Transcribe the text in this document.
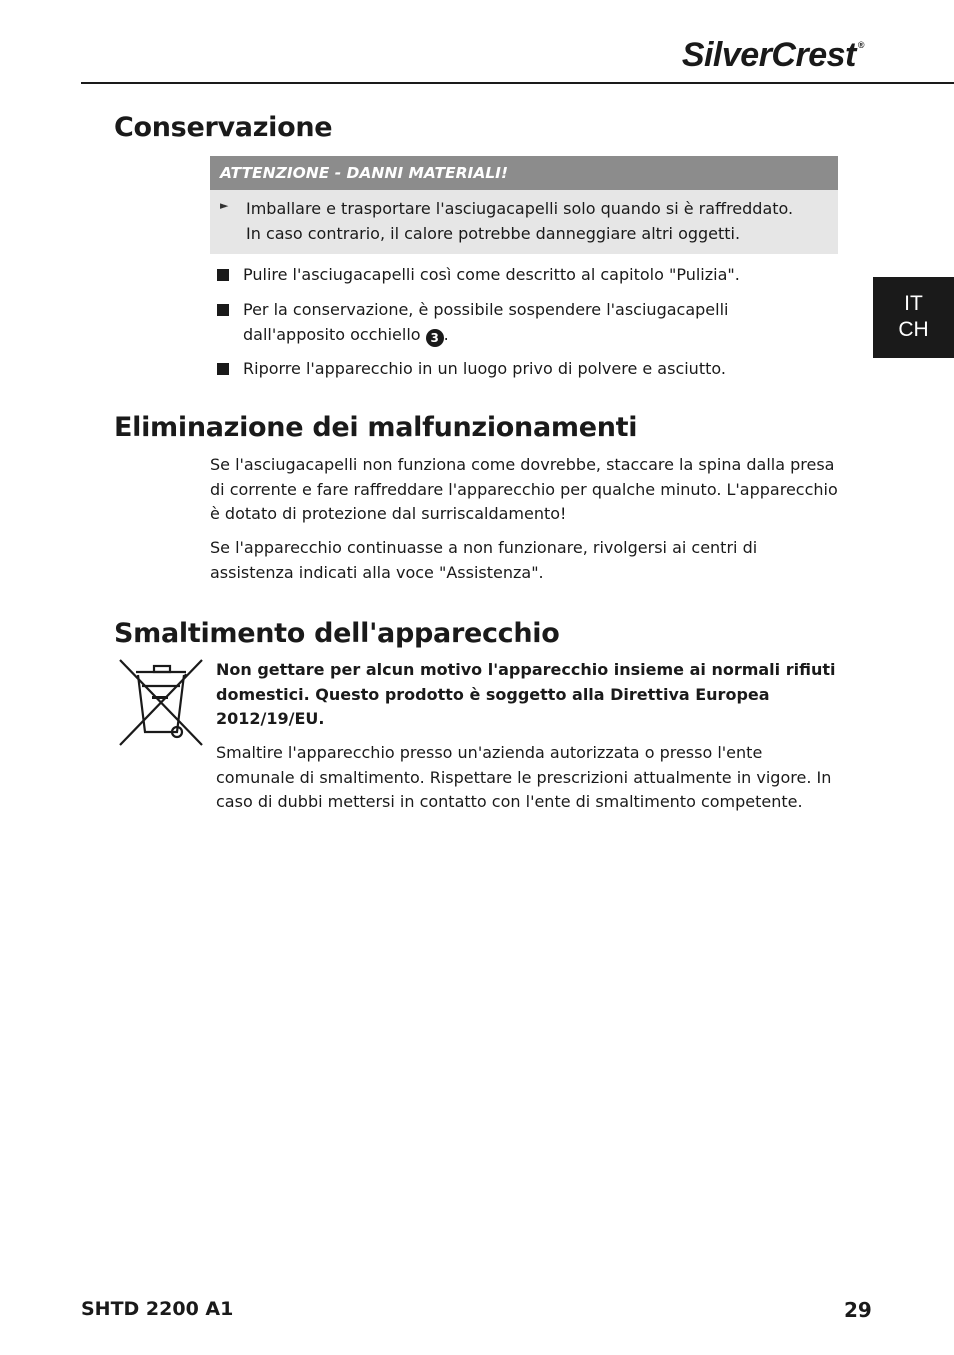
SilverCrest ®
IT
CH
Conservazione
ATTENZIONE - DANNI MATERIALI!
► Imballare e trasportare l'asciugacapelli solo quando si è raffreddato.
In caso contrario, il calore potrebbe danneggiare altri oggetti.
Pulire l'asciugacapelli così come descritto al capitolo "Pulizia".
Per la conservazione, è possibile sospendere l'asciugacapelli dall'apposito occhiello 3 .
Riporre l'apparecchio in un luogo privo di polvere e asciutto.
Eliminazione dei malfunzionamenti
Se l'asciugacapelli non funziona come dovrebbe, staccare la spina dalla presa di corrente e fare raffreddare l'apparecchio per qualche minuto. L'apparecchio è dotato di protezione dal surriscaldamento!
Se l'apparecchio continuasse a non funzionare, rivolgersi ai centri di assistenza indicati alla voce "Assistenza".
Smaltimento dell'apparecchio
Non gettare per alcun motivo l'apparecchio insieme ai normali rifiuti domestici. Questo prodotto è soggetto alla Direttiva Europea 2012/19/EU.
Smaltire l'apparecchio presso un'azienda autorizzata o presso l'ente comunale di smaltimento. Rispettare le prescrizioni attualmente in vigore. In caso di dubbi mettersi in contatto con l'ente di smaltimento competente.
SHTD 2200 A1	29
